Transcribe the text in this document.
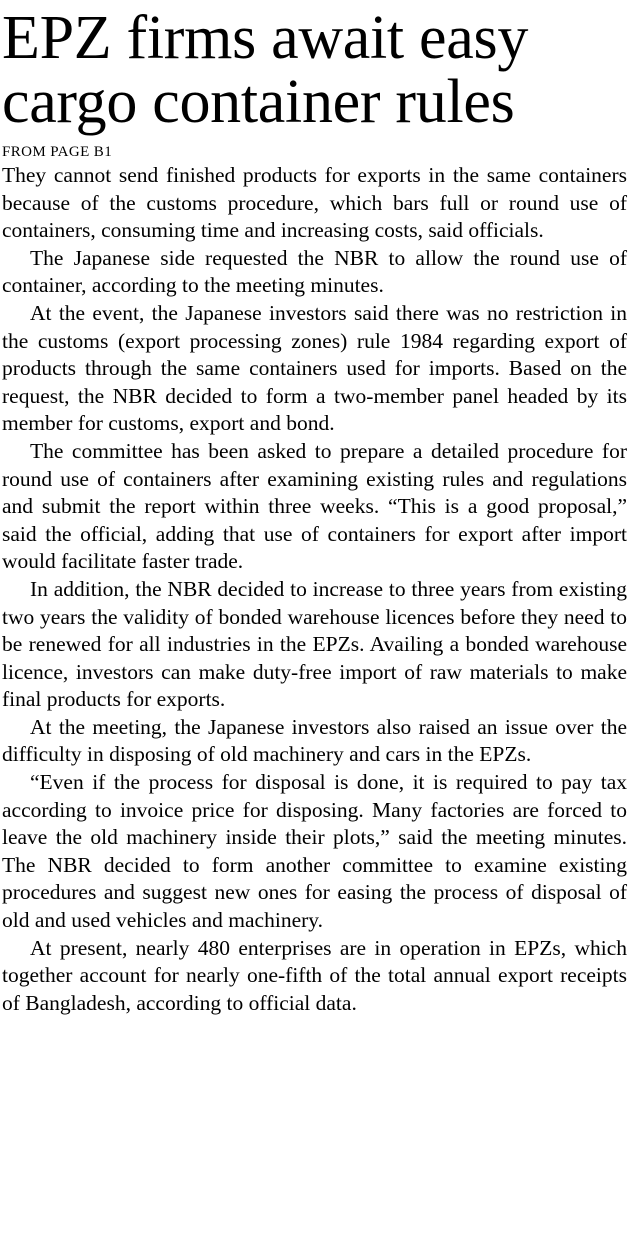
EPZ firms await easy
cargo container rules
FROM PAGE B1

They cannot send finished products for exports in the same containers because of the customs procedure, which bars full or round use of containers, consuming time and increasing costs, said officials.

The Japanese side requested the NBR to allow the round use of container, according to the meeting minutes.

At the event, the Japanese investors said there was no restriction in the customs (export processing zones) rule 1984 regarding export of products through the same containers used for imports. Based on the request, the NBR decided to form a two-member panel headed by its member for customs, export and bond.

The committee has been asked to prepare a detailed procedure for round use of containers after examining existing rules and regulations and submit the report within three weeks. “This is a good proposal,” said the official, adding that use of containers for export after import would facilitate faster trade.

In addition, the NBR decided to increase to three years from existing two years the validity of bonded warehouse licences before they need to be renewed for all industries in the EPZs. Availing a bonded warehouse licence, investors can make duty-free import of raw materials to make final products for exports.

At the meeting, the Japanese investors also raised an issue over the difficulty in disposing of old machinery and cars in the EPZs.

“Even if the process for disposal is done, it is required to pay tax according to invoice price for disposing. Many factories are forced to leave the old machinery inside their plots,” said the meeting minutes. The NBR decided to form another committee to examine existing procedures and suggest new ones for easing the process of disposal of old and used vehicles and machinery.

At present, nearly 480 enterprises are in operation in EPZs, which together account for nearly one-fifth of the total annual export receipts of Bangladesh, according to official data.
